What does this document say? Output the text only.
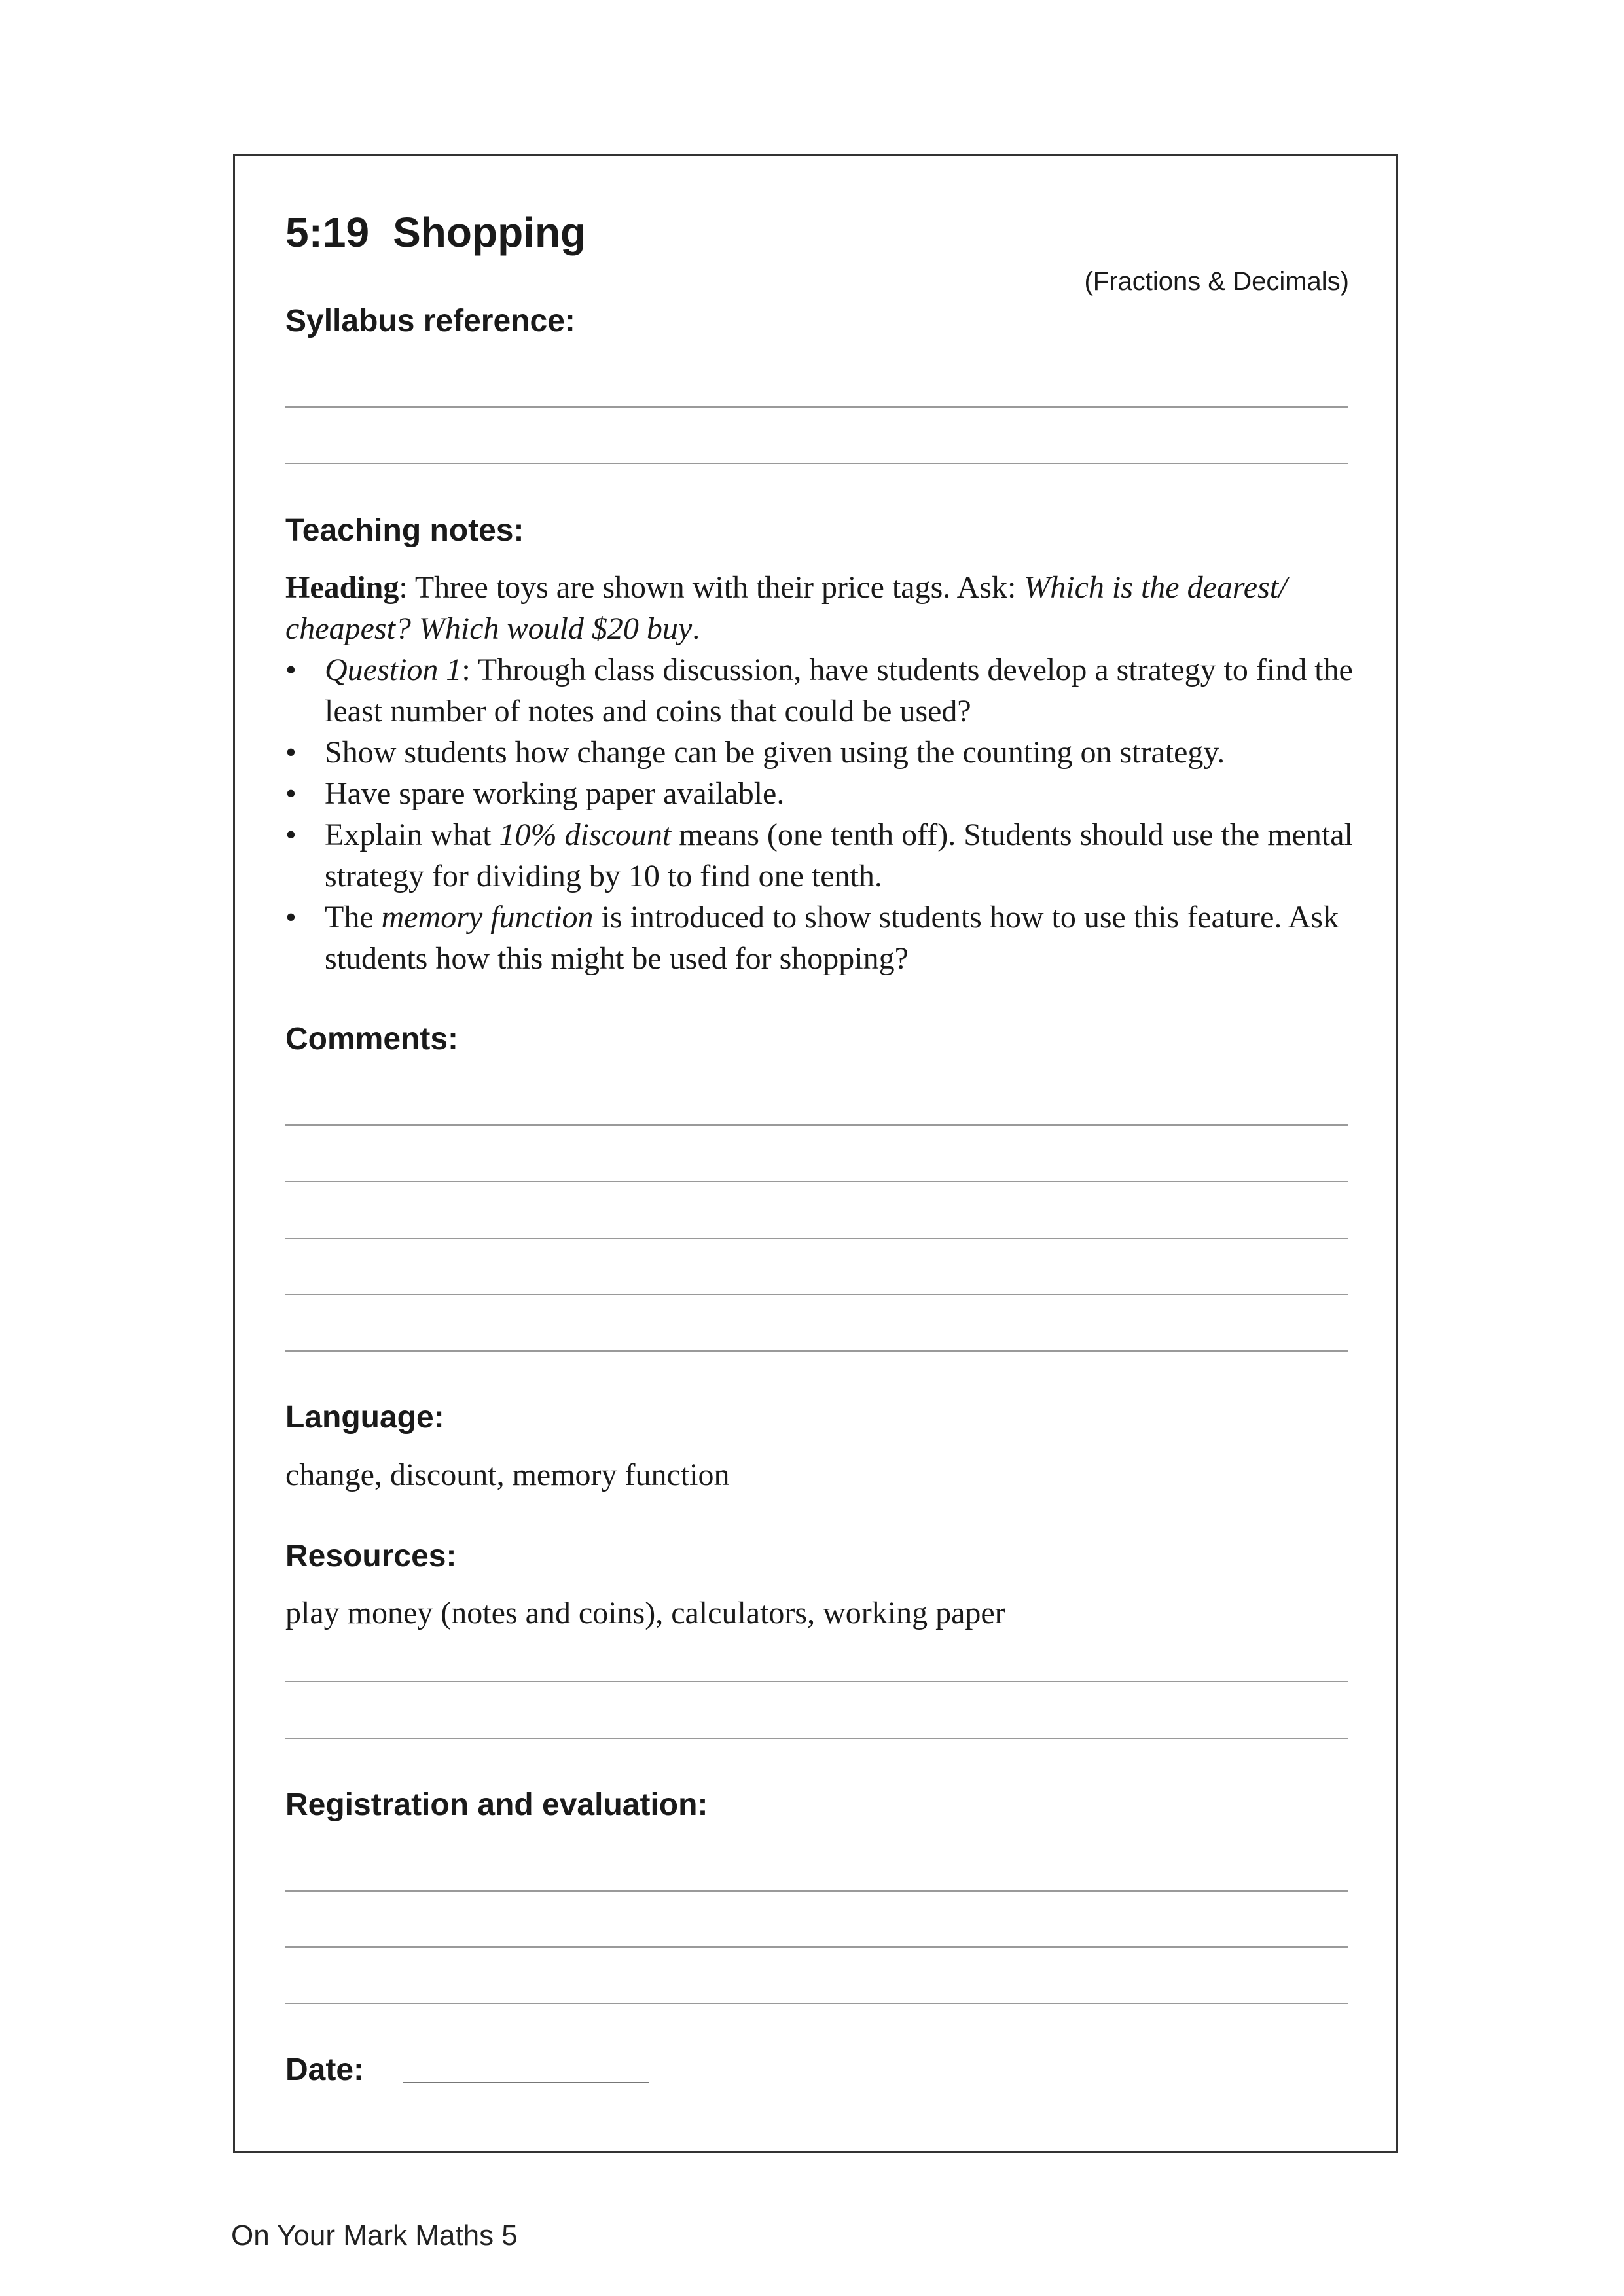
5:19 Shopping
(Fractions & Decimals)
Syllabus reference:
Teaching notes:

Heading: Three toys are shown with their price tags. Ask: Which is the dearest/ cheapest? Which would $20 buy.

• Question 1: Through class discussion, have students develop a strategy to find the least number of notes and coins that could be used?
• Show students how change can be given using the counting on strategy.
• Have spare working paper available.
• Explain what 10% discount means (one tenth off). Students should use the mental strategy for dividing by 10 to find one tenth.
• The memory function is introduced to show students how to use this feature. Ask students how this might be used for shopping?
Comments:
Language:
change, discount, memory function
Resources:
play money (notes and coins), calculators, working paper
Registration and evaluation:
Date:
On Your Mark Maths 5
